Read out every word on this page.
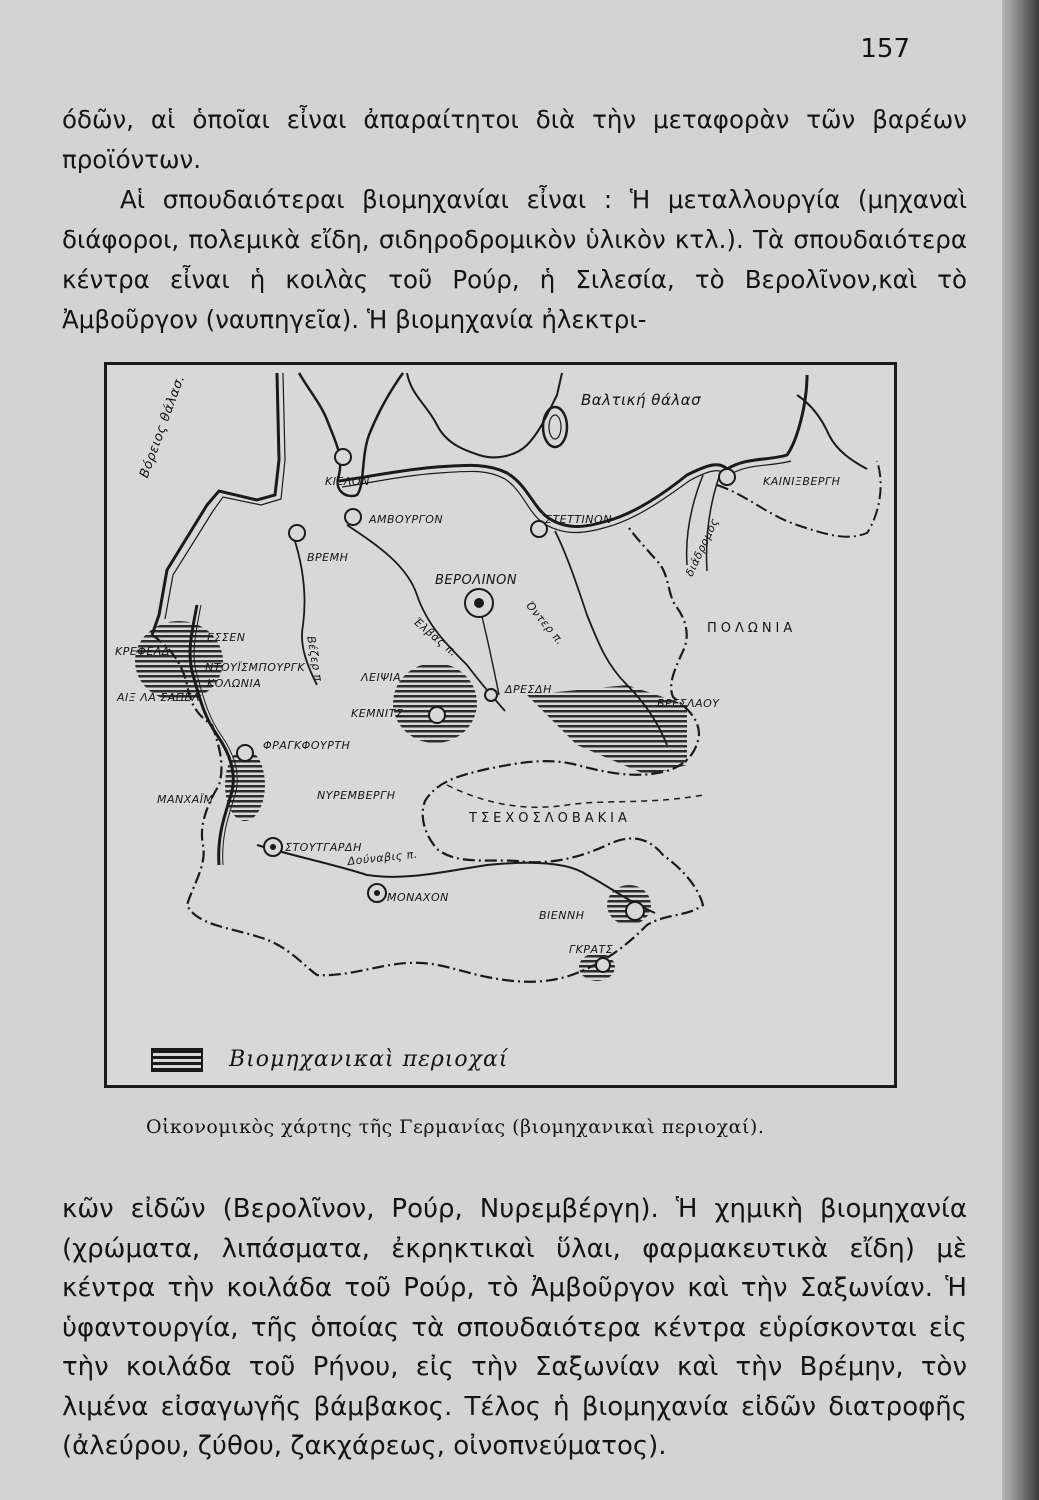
157

όδῶν, αἱ ὁποῖαι εἶναι ἀπαραίτητοι διὰ τὴν μεταφορὰν τῶν βαρέων προϊόντων.

Αἱ σπουδαιότεραι βιομηχανίαι εἶναι : Ἡ μεταλλουργία (μηχαναὶ διάφοροι, πολεμικὰ εἴδη, σιδηροδρομικὸν ὑλικὸν κτλ.). Τὰ σπουδαιότερα κέντρα εἶναι ἡ κοιλὰς τοῦ Ρούρ, ἡ Σιλεσία, τὸ Βερολῖνον,καὶ τὸ Ἀμβοῦργον (ναυπηγεῖα). Ἡ βιομηχανία ἠλεκτρι-

Βόρειος θάλασ.	Βαλτική θάλασ
ΠΟΛΩΝΙΑ
ΤΣΕΧΟΣΛΟΒΑΚΙΑ
διάδρομος
ΚΙΕΛΟΝ
ΑΜΒΟΥΡΓΟΝ	ΣΤΕΤΤΙΝΟΝ
ΚΑΙΝΙΞΒΕΡΓΗ
ΒΡΕΜΗ
ΒΕΡΟΛΙΝΟΝ
ΚΡΕΦΕΛΔ
ΕΣΣΕΝ
ΝΤΟΥΪΣΜΠΟΥΡΓΚ
ΚΟΛΩΝΙΑ
ΑΙΞ ΛΑ ΣΑΠΕΛ
ΛΕΙΨΙΑ
ΔΡΕΣΔΗ
ΒΡΕΣΛΑΟΥ
ΚΕΜΝΙΤΣ
ΦΡΑΓΚΦΟΥΡΤΗ
ΜΑΝΧΑΪΜ	ΝΥΡΕΜΒΕΡΓΗ
ΣΤΟΥΤΓΑΡΔΗ
ΜΟΝΑΧΟΝ
ΒΙΕΝΝΗ
ΓΚΡΑΤΣ
Βέζερ π.	Έλβας π.	Όντερ π.
Δούναβις π.
Βιομηχανικαὶ περιοχαί
Οἰκονομικὸς χάρτης τῆς Γερμανίας (βιομηχανικαὶ περιοχαί).

κῶν εἰδῶν (Βερολῖνον, Ρούρ, Νυρεμβέργη). Ἡ χημικὴ βιομηχανία (χρώματα, λιπάσματα, ἐκρηκτικαὶ ὕλαι, φαρμακευτικὰ εἴδη) μὲ κέντρα τὴν κοιλάδα τοῦ Ρούρ, τὸ Ἀμβοῦργον καὶ τὴν Σαξωνίαν. Ἡ ὑφαντουργία, τῆς ὁποίας τὰ σπουδαιότερα κέντρα εὑρίσκονται εἰς τὴν κοιλάδα τοῦ Ρήνου, εἰς τὴν Σαξωνίαν καὶ τὴν Βρέμην, τὸν λιμένα εἰσαγωγῆς βάμβακος. Τέλος ἡ βιομηχανία εἰδῶν διατροφῆς (ἀλεύρου, ζύθου, ζακχάρεως, οἰνοπνεύματος).
